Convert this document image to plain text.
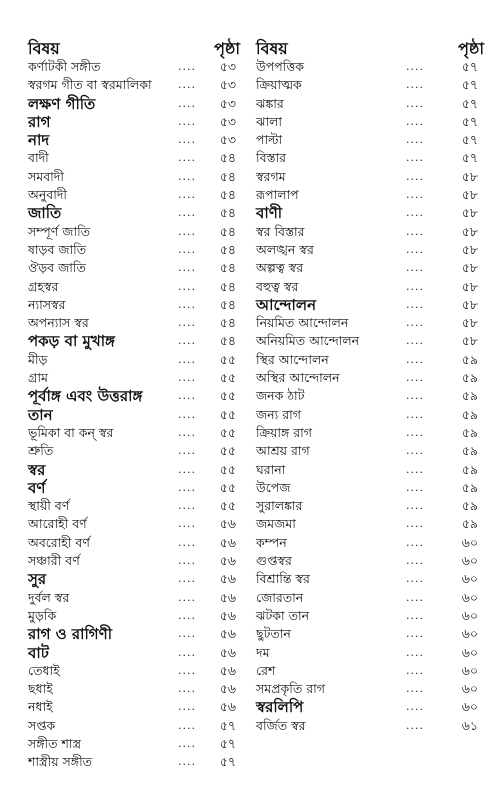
বিষয়	পৃষ্ঠা
কর্ণাটকী সঙ্গীত	.... ৫৩
স্বরগম গীত বা স্বরমালিকা .... ৫৩
লক্ষণ গীতি	.... ৫৩
রাগ	.... ৫৩
নাদ	.... ৫৩
বাদী	.... ৫৪
সমবাদী	.... ৫৪
অনুবাদী	.... ৫৪
জাতি	.... ৫৪
সম্পূর্ণ জাতি	.... ৫৪
ষাড়ব জাতি	.... ৫৪
ঔড়ব জাতি	.... ৫৪
গ্রহস্বর	.... ৫৪
ন্যাসস্বর	.... ৫৪
অপন্যাস স্বর	.... ৫৪
পকড় বা মুখাঙ্গ	.... ৫৪
মীড়	.... ৫৫
গ্রাম	.... ৫৫
পূর্বাঙ্গ এবং উত্তরাঙ্গ	.... ৫৫
তান	.... ৫৫
ভূমিকা বা কন্ স্বর	.... ৫৫
শ্রুতি	.... ৫৫
স্বর	.... ৫৫
বর্ণ	.... ৫৫
স্থায়ী বর্ণ	.... ৫৫
আরোহী বর্ণ	.... ৫৬
অবরোহী বর্ণ	.... ৫৬
সঞ্চারী বর্ণ	.... ৫৬
সুর	.... ৫৬
দুর্বল স্বর	.... ৫৬
মুড়কি	.... ৫৬
রাগ ও রাগিণী	.... ৫৬
বাট	.... ৫৬
তেধাই	.... ৫৬
ছধাই	.... ৫৬
নধাই	.... ৫৬
সপ্তক	.... ৫৭
সঙ্গীত শাস্ত্র	.... ৫৭
শাস্ত্রীয় সঙ্গীত	.... ৫৭
বিষয়	পৃষ্ঠা
উপপত্তিক	....	৫৭
ক্রিয়াত্মক	....	৫৭
ঝঙ্কার	....	৫৭
ঝালা	....	৫৭
পাল্টা	....	৫৭
বিস্তার	....	৫৭
স্বরগম	....	৫৮
রূপালাপ	....	৫৮
বাণী	....	৫৮
স্বর বিস্তার	....	৫৮
অলঙ্খন স্বর	....	৫৮
অল্পত্ব স্বর	....	৫৮
বহুত্ব স্বর	....	৫৮
আন্দোলন	....	৫৮
নিয়মিত আন্দোলন	....	৫৮
অনিয়মিত আন্দোলন	....	৫৮
স্থির আন্দোলন	....	৫৯
অস্থির আন্দোলন	....	৫৯
জনক ঠাট	....	৫৯
জন্য রাগ	....	৫৯
ক্রিয়াঙ্গ রাগ	....	৫৯
আশ্রয় রাগ	....	৫৯
ঘরানা	....	৫৯
উপেজ	....	৫৯
সুরালঙ্কার	....	৫৯
জমজমা	....	৫৯
কম্পন	....	৬০
গুপ্তস্বর	....	৬০
বিশ্রান্তি স্বর	....	৬০
জোরতান	....	৬০
ঝটকা তান	....	৬০
ছুটতান	....	৬০
দম	....	৬০
রেশ	....	৬০
সমপ্রকৃতি রাগ	....	৬০
স্বরলিপি	....	৬০
বর্জিত স্বর	....	৬১
